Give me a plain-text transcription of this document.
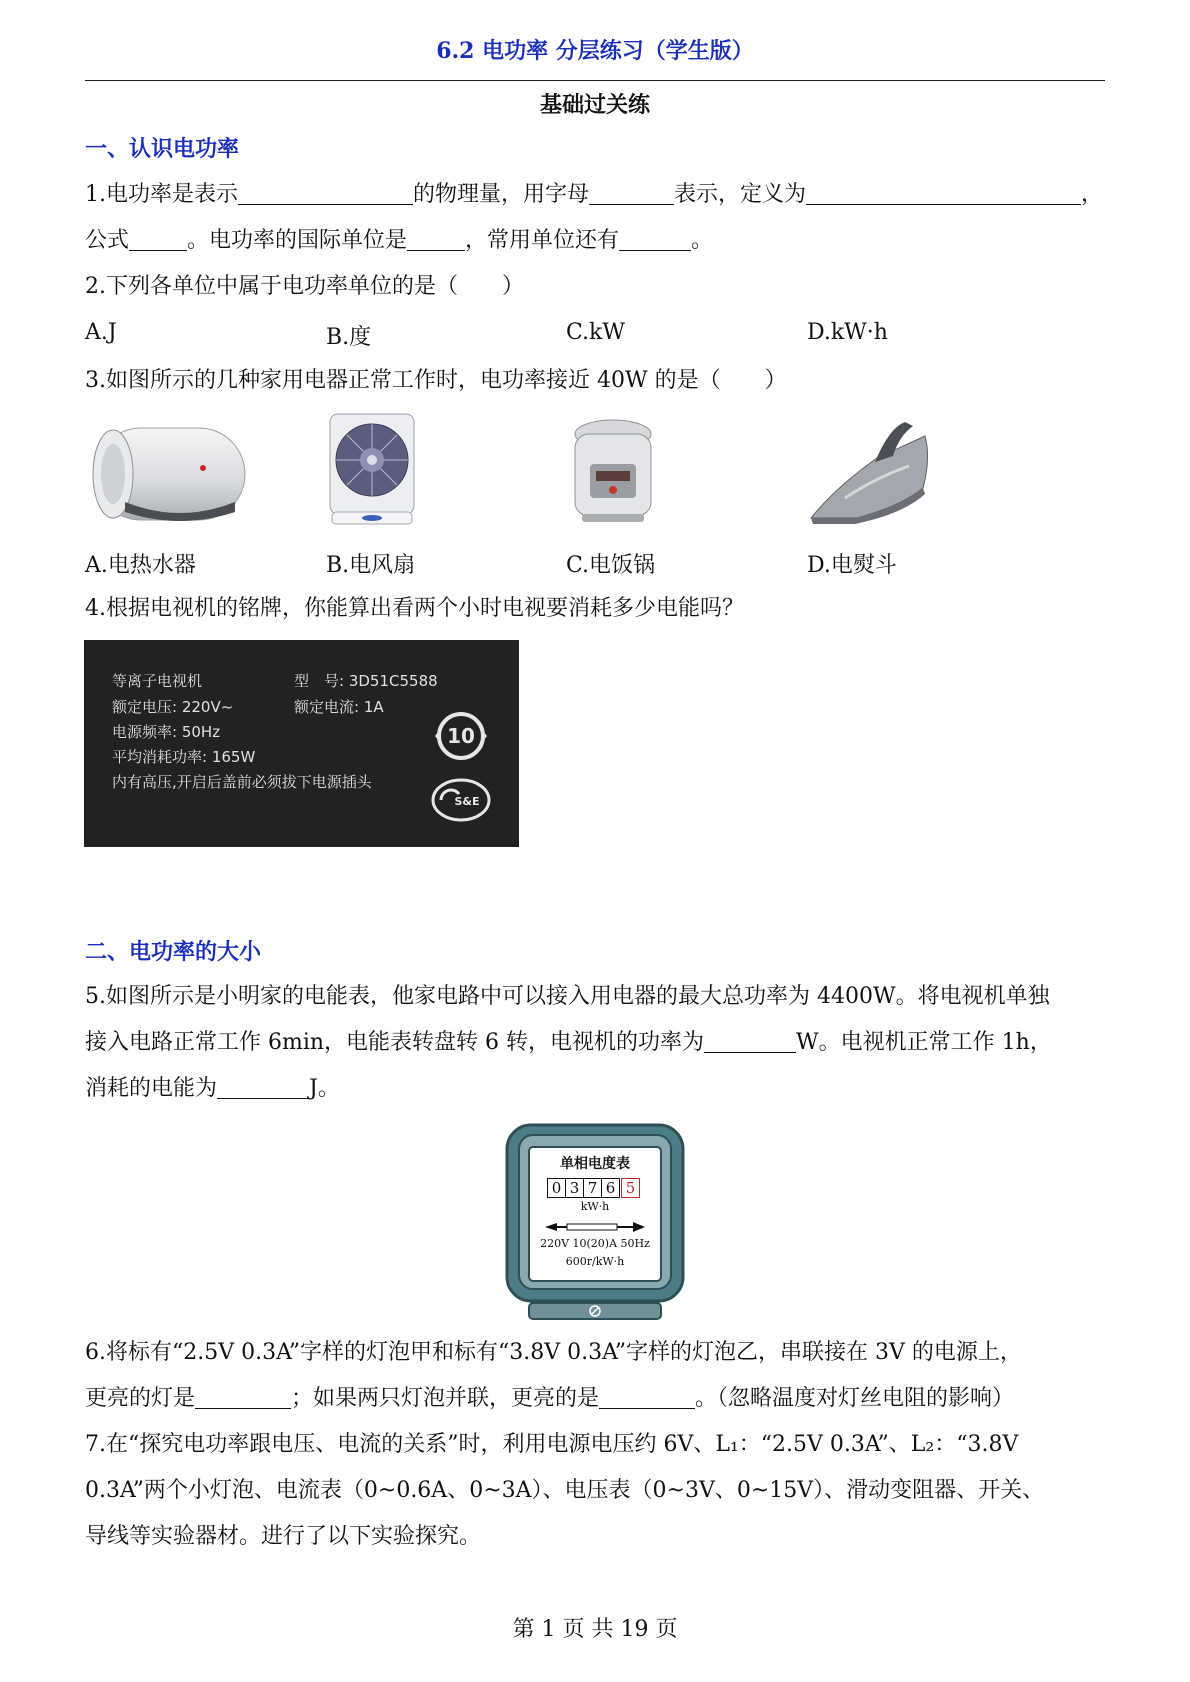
6.2 电功率 分层练习（学生版）
基础过关练
一、认识电功率
1.电功率是表示	的物理量，用字母	表示，定义为	，
公式	。电功率的国际单位是	，常用单位还有	。
2.下列各单位中属于电功率单位的是（　　）
A.J	B.度	C.kW	D.kW·h
3.如图所示的几种家用电器正常工作时，电功率接近 40W 的是（　　）
A.电热水器	B.电风扇	C.电饭锅	D.电熨斗
4.根据电视机的铭牌，你能算出看两个小时电视要消耗多少电能吗？
等离子电视机	型　号: 3D51C5588
额定电压: 220V~	额定电流: 1A
电源频率: 50Hz
平均消耗功率: 165W
内有高压,开启后盖前必须拔下电源插头
10
S&E
二、电功率的大小
5.如图所示是小明家的电能表，他家电路中可以接入用电器的最大总功率为 4400W。将电视机单独
接入电路正常工作 6min，电能表转盘转 6 转，电视机的功率为	W。电视机正常工作 1h，
消耗的电能为	J。
单相电度表
0 3 7 6 5
kW·h
220V 10(20)A 50Hz
600r/kW·h
6.将标有“2.5V 0.3A”字样的灯泡甲和标有“3.8V 0.3A”字样的灯泡乙，串联接在 3V 的电源上，
更亮的灯是	；如果两只灯泡并联，更亮的是	。（忽略温度对灯丝电阻的影响）
7.在“探究电功率跟电压、电流的关系”时，利用电源电压约 6V、L₁：“2.5V 0.3A”、L₂：“3.8V
0.3A”两个小灯泡、电流表（0~0.6A、0~3A）、电压表（0~3V、0~15V）、滑动变阻器、开关、
导线等实验器材。进行了以下实验探究。
第 1 页 共 19 页
